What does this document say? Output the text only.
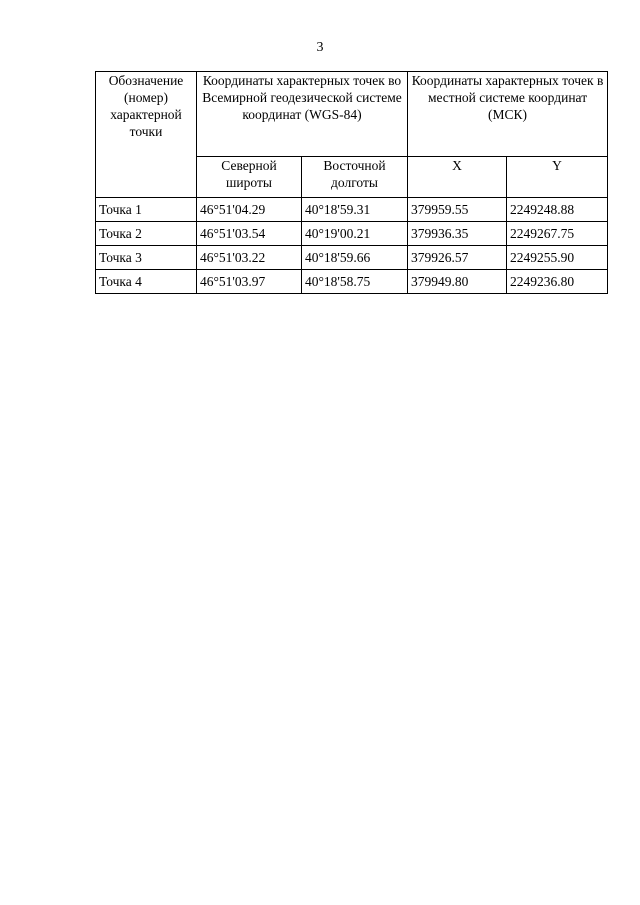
3
Обозначение (номер) характерной точки	Координаты характерных точек во Всемирной геодезической системе координат (WGS-84)		Координаты характерных точек в местной системе координат (МСК)	
	Северной широты	Восточной долготы	X	Y
Точка 1	46°51'04.29	40°18'59.31	379959.55	2249248.88
Точка 2	46°51'03.54	40°19'00.21	379936.35	2249267.75
Точка 3	46°51'03.22	40°18'59.66	379926.57	2249255.90
Точка 4	46°51'03.97	40°18'58.75	379949.80	2249236.80
